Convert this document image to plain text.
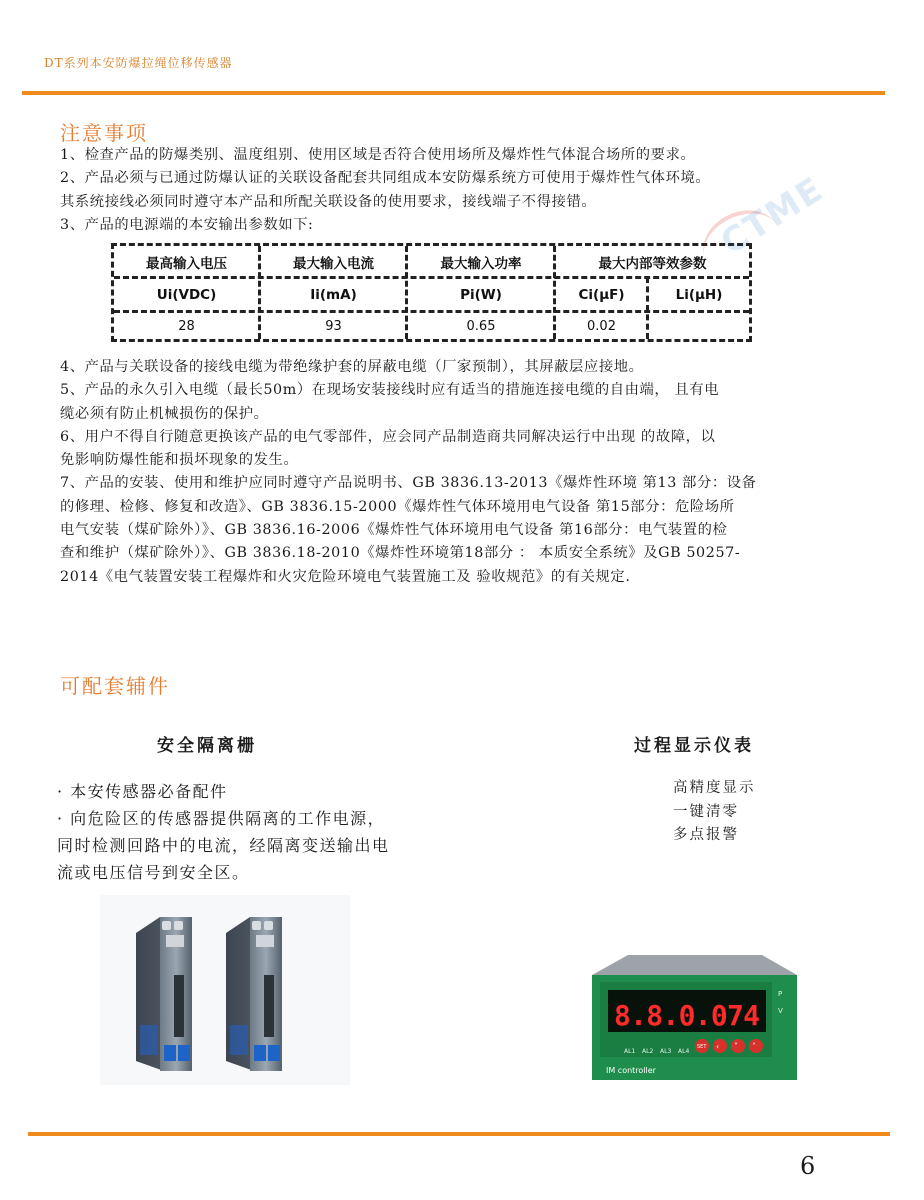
DT系列本安防爆拉绳位移传感器
注意事项

1、检查产品的防爆类别、温度组别、使用区域是否符合使用场所及爆炸性气体混合场所的要求。

2、产品必须与已通过防爆认证的关联设备配套共同组成本安防爆系统方可使用于爆炸性气体环境。

其系统接线必须同时遵守本产品和所配关联设备的使用要求，接线端子不得接错。

3、产品的电源端的本安输出参数如下:

最高输入电压	最大输入电流	最大输入功率	最大内部等效参数
Ui(VDC)	Ii(mA)	Pi(W)	Ci(μF)	Li(μH)
28	93	0.65	0.02
CTME

4、产品与关联设备的接线电缆为带绝缘护套的屏蔽电缆（厂家预制），其屏蔽层应接地。

5、产品的永久引入电缆（最长50m）在现场安装接线时应有适当的措施连接电缆的自由端， 且有电

缆必须有防止机械损伤的保护。

6、用户不得自行随意更换该产品的电气零部件，应会同产品制造商共同解决运行中出现 的故障，以

免影响防爆性能和损坏现象的发生。

7、产品的安装、使用和维护应同时遵守产品说明书、GB 3836.13-2013《爆炸性环境 第13 部分：设备

的修理、检修、修复和改造》、GB 3836.15-2000《爆炸性气体环境用电气设备 第15部分：危险场所

电气安装（煤矿除外）》、GB 3836.16-2006《爆炸性气体环境用电气设备 第16部分：电气装置的检

查和维护（煤矿除外）》、GB 3836.18-2010《爆炸性环境第18部分 ： 本质安全系统》及GB 50257-

2014《电气装置安装工程爆炸和火灾危险环境电气装置施工及 验收规范》的有关规定.

可配套辅件
安全隔离栅
· 本安传感器必备配件
· 向危险区的传感器提供隔离的工作电源，
同时检测回路中的电流，经隔离变送输出电
流或电压信号到安全区。
过程显示仪表
高精度显示
一键清零
多点报警
8.8.0.074
AL1 AL2 AL3 AL4
P
V
SET ‹ ˅ ˄
IM controller
6
